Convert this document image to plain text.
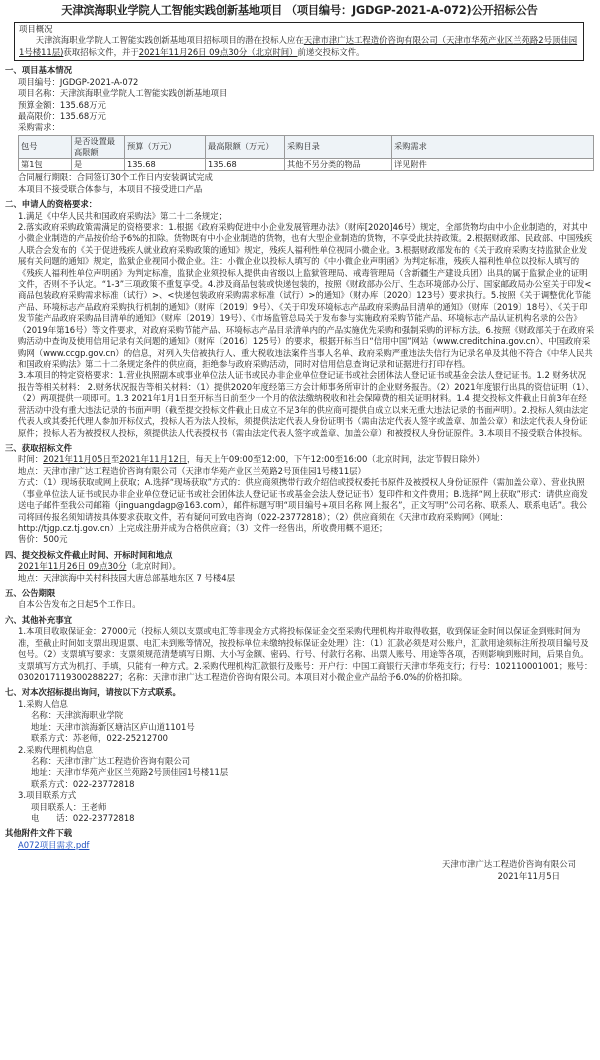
天津滨海职业学院人工智能实践创新基地项目 （项目编号：JGDGP-2021-A-072)公开招标公告
项目概况
天津滨海职业学院人工智能实践创新基地项目招标项目的潜在投标人应在天津市津广达工程造价咨询有限公司（天津市华苑产业区兰苑路2号顶佳园1号楼11层)获取招标文件，并于2021年11月26日 09点30分（北京时间）前递交投标文件。
一、项目基本情况
项目编号：JGDGP-2021-A-072
项目名称：天津滨海职业学院人工智能实践创新基地项目
预算金额：135.68万元
最高限价：135.68万元
采购需求：
包号	是否设置最高限额	预算（万元）	最高限额（万元）	采购目录	采购需求
第1包	是	135.68	135.68	其他不另分类的物品	详见附件
合同履行期限：合同签订30个工作日内安装调试完成
本项目不接受联合体参与，本项目不接受进口产品
二、申请人的资格要求：
1.满足《中华人民共和国政府采购法》第二十二条规定；
2.落实政府采购政策需满足的资格要求：1.根据《政府采购促进中小企业发展管理办法》（财库[2020]46号）规定，全部货物均由中小企业制造的，对其中小微企业制造的产品按价给予6%的扣除。货物既有中小企业制造的货物，也有大型企业制造的货物，不享受此扶持政策。2.根据财政部、民政部、中国残疾人联合会发布的《关于促进残疾人就业政府采购政策的通知》规定，残疾人福利性单位视同小微企业。3.根据财政部发布的《关于政府采购支持监狱企业发展有关问题的通知》规定，监狱企业视同小微企业。注：小微企业以投标人填写的《中小微企业声明函》为判定标准，残疾人福利性单位以投标人填写的《残疾人福利性单位声明函》为判定标准，监狱企业须投标人提供由省级以上监狱管理局、戒毒管理局（含新疆生产建设兵团）出具的属于监狱企业的证明文件，否则不予认定。“1-3”三项政策不重复享受。4.涉及商品包装或快递包装的，按照《财政部办公厅、生态环境部办公厅、国家邮政局办公室关于印发<商品包装政府采购需求标准（试行）>、<快递包装政府采购需求标准（试行）>的通知》（财办库〔2020〕123号）要求执行。5.按照《关于调整优化节能产品、环境标志产品政府采购执行机制的通知》（财库〔2019〕9号）、《关于印发环境标志产品政府采购品目清单的通知》（财库〔2019〕18号）、《关于印发节能产品政府采购品目清单的通知》（财库〔2019〕19号）、《市场监管总局关于发布参与实施政府采购节能产品、环境标志产品认证机构名录的公告》（2019年第16号）等文件要求，对政府采购节能产品、环境标志产品目录清单内的产品实施优先采购和强制采购的评标方法。6.按照《财政部关于在政府采购活动中查询及使用信用记录有关问题的通知》（财库〔2016〕125号）的要求，根据开标当日“信用中国”网站（www.creditchina.gov.cn）、中国政府采购网（www.ccgp.gov.cn）的信息，对列入失信被执行人、重大税收违法案件当事人名单、政府采购严重违法失信行为记录名单及其他不符合《中华人民共和国政府采购法》第二十二条规定条件的供应商，拒绝参与政府采购活动，同时对信用信息查询记录和证据进行打印存档。
3.本项目的特定资格要求：1.营业执照副本或事业单位法人证书或民办非企业单位登记证书或社会团体法人登记证书或基金会法人登记证书。1.2 财务状况报告等相关材料： 2.财务状况报告等相关材料：（1）提供2020年度经第三方会计师事务所审计的企业财务报告。（2）2021年度银行出具的资信证明（1）、（2）两项提供一项即可。1.3 2021年1月1日至开标当日前至少一个月的依法缴纳税收和社会保障费的相关证明材料。1.4 提交投标文件截止日前3年在经营活动中没有重大违法记录的书面声明（截至提交投标文件截止日成立不足3年的供应商可提供自成立以来无重大违法记录的书面声明）。2.投标人须由法定代表人或其委托代理人参加开标仪式，投标人若为法人投标，须提供法定代表人身份证明书（需由法定代表人签字或盖章、加盖公章）和法定代表人身份证原件；投标人若为被授权人投标，须提供法人代表授权书（需由法定代表人签字或盖章、加盖公章）和被授权人身份证原件。3.本项目不接受联合体投标。
三、获取招标文件
时间：2021年11月05日至2021年11月12日，每天上午09:00至12:00，下午12:00至16:00（北京时间，法定节假日除外）
地点：天津市津广达工程造价咨询有限公司（天津市华苑产业区兰苑路2号顶佳园1号楼11层）
方式：（1）现场获取或网上获取；A.选择“现场获取”方式的：供应商须携带行政介绍信或授权委托书原件及被授权人身份证原件（需加盖公章）、营业执照（事业单位法人证书或民办非企业单位登记证书或社会团体法人登记证书或基金会法人登记证书）复印件和文件费用；B.选择“网上获取”形式：请供应商发送电子邮件至我公司邮箱（jinguangdagp@163.com），邮件标题写明“项目编号+项目名称 网上报名”，正文写明“公司名称、联系人、联系电话”。我公司将回传报名须知请按具体要求获取文件，若有疑问可致电咨询（022-23772818）；（2）供应商须在《天津市政府采购网》（网址：http://tjgp.cz.tj.gov.cn）上完成注册并成为合格供应商；（3）文件一经售出，所收费用概不退还；
售价：500元
四、提交投标文件截止时间、开标时间和地点
2021年11月26日 09点30分（北京时间）。
地点：天津滨海中关村科技园大唐总部基地东区 7 号楼4层
五、公告期限
自本公告发布之日起5个工作日。
六、其他补充事宜
1.本项目收取保证金：27000元（投标人须以支票或电汇等非现金方式将投标保证金交至采购代理机构并取得收据，收到保证金时间以保证金到账时间为准，至截止时间如支票出现退票、电汇未到账等情况，按投标单位未缴纳投标保证金处理）注：（1）汇款必须是对公账户，汇款用途须标注所投项目编号及包号。（2）支票填写要求：支票须规范清楚填写日期、大小写金额、密码、行号、付款行名称、出票人账号、用途等各项，否则影响到账时间，后果自负。支票填写方式为机打、手填，只能有一种方式。2.采购代理机构汇款银行及账号：开户行：中国工商银行天津市华苑支行；行号：102110001001；账号：0302017119300288227；名称：天津市津广达工程造价咨询有限公司。本项目对小微企业产品给予6.0%的价格扣除。
七、对本次招标提出询问，请按以下方式联系。
1.采购人信息
名称：天津滨海职业学院
地址：天津市滨海新区塘沽区庐山道1101号
联系方式：苏老师，022-25212700
2.采购代理机构信息
名称：天津市津广达工程造价咨询有限公司
地址：天津市华苑产业区兰苑路2号顶佳园1号楼11层
联系方式：022-23772818
3.项目联系方式
项目联系人：王老师
电　　话：022-23772818
其他附件文件下载
A072项目需求.pdf
天津市津广达工程造价咨询有限公司
2021年11月5日
